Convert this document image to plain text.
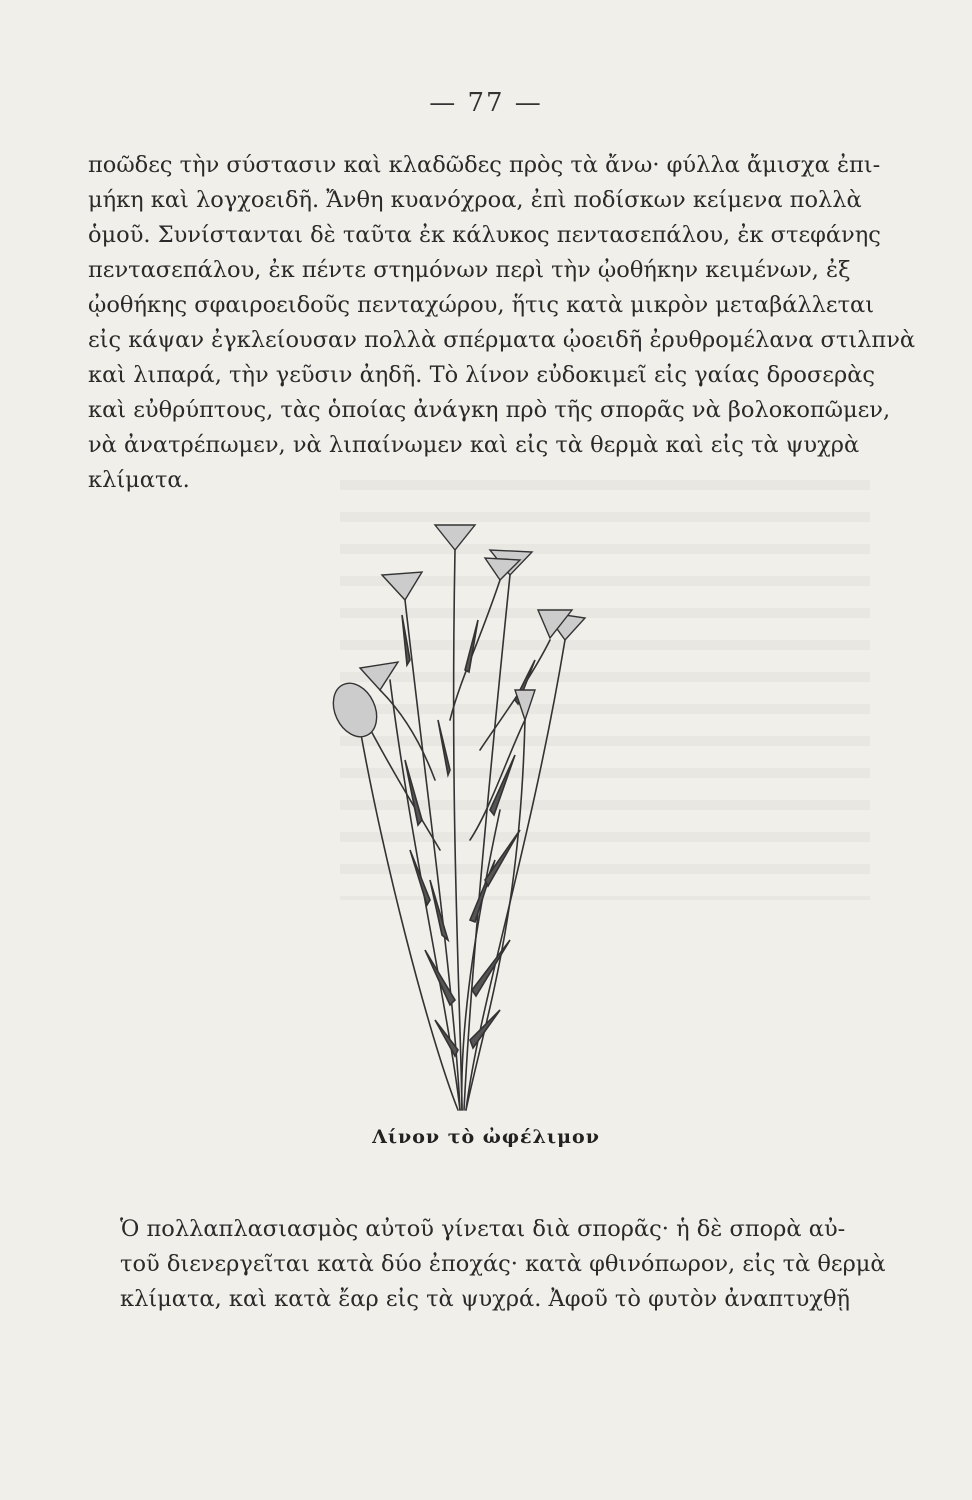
— 77 —

ποῶδες τὴν σύστασιν καὶ κλαδῶδες πρὸς τὰ ἄνω· φύλλα ἄμισχα ἐπι-
μήκη καὶ λογχοειδῆ. Ἄνθη κυανόχροα, ἐπὶ ποδίσκων κείμενα πολλὰ
ὁμοῦ. Συνίστανται δὲ ταῦτα ἐκ κάλυκος πεντασεπάλου, ἐκ στεφάνης
πεντασεπάλου, ἐκ πέντε στημόνων περὶ τὴν ᾠοθήκην κειμένων, ἐξ
ᾠοθήκης σφαιροειδοῦς πενταχώρου, ἥτις κατὰ μικρὸν μεταβάλλεται
εἰς κάψαν ἐγκλείουσαν πολλὰ σπέρματα ᾠοειδῆ ἐρυθρομέλανα στιλπνὰ
καὶ λιπαρά, τὴν γεῦσιν ἀηδῆ. Τὸ λίνον εὐδοκιμεῖ εἰς γαίας δροσερὰς
καὶ εὐθρύπτους, τὰς ὁποίας ἀνάγκη πρὸ τῆς σπορᾶς νὰ βολοκοπῶμεν,
νὰ ἀνατρέπωμεν, νὰ λιπαίνωμεν καὶ εἰς τὰ θερμὰ καὶ εἰς τὰ ψυχρὰ
κλίματα.

Λίνον τὸ ὠφέλιμον

Ὁ πολλαπλασιασμὸς αὐτοῦ γίνεται διὰ σπορᾶς· ἡ δὲ σπορὰ αὐ-
τοῦ διενεργεῖται κατὰ δύο ἐποχάς· κατὰ φθινόπωρον, εἰς τὰ θερμὰ
κλίματα, καὶ κατὰ ἔαρ εἰς τὰ ψυχρά. Ἀφοῦ τὸ φυτὸν ἀναπτυχθῇ
